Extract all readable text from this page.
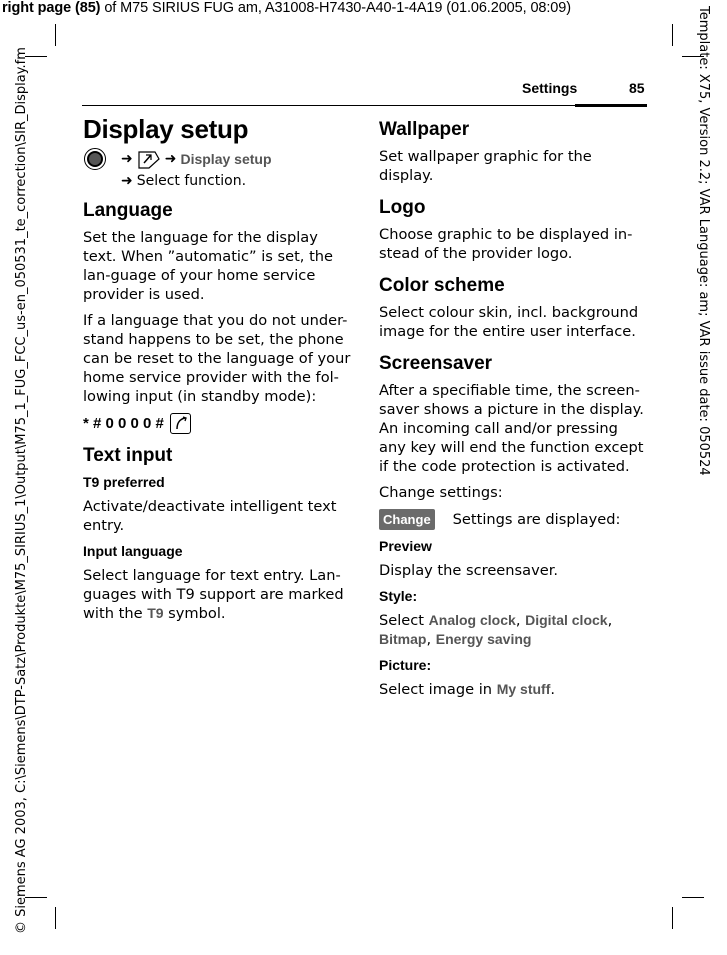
right page (85) of M75 SIRIUS FUG am, A31008-H7430-A40-1-4A19 (01.06.2005, 08:09)
© Siemens AG 2003, C:\Siemens\DTP-Satz\Produkte\M75_SIRIUS_1\Output\M75_1_FUG_FCC_us-en_050531_te_correction\SIR_Display.fm	Template: X75, Version 2.2; VAR Language: am; VAR issue date: 050524
Settings	85
Display setup
➜ ➜ Display setup
➜ Select function.
Language

Set the language for the display text. When ”automatic” is set, the lan-guage of your home service provider is used.

If a language that you do not under-stand happens to be set, the phone can be reset to the language of your home service provider with the fol-lowing input (in standby mode):

* # 0 0 0 0 #
Text input
T9 preferred

Activate/deactivate intelligent text entry.

Input language

Select language for text entry. Lan-guages with T9 support are marked with the T9 symbol.

Wallpaper

Set wallpaper graphic for the display.

Logo

Choose graphic to be displayed in-stead of the provider logo.

Color scheme

Select colour skin, incl. background image for the entire user interface.

Screensaver

After a specifiable time, the screen-saver shows a picture in the display. An incoming call and/or pressing any key will end the function except if the code protection is activated.

Change settings:

Change Settings are displayed:

Preview

Display the screensaver.

Style:

Select Analog clock, Digital clock, Bitmap, Energy saving

Picture:

Select image in My stuff.
